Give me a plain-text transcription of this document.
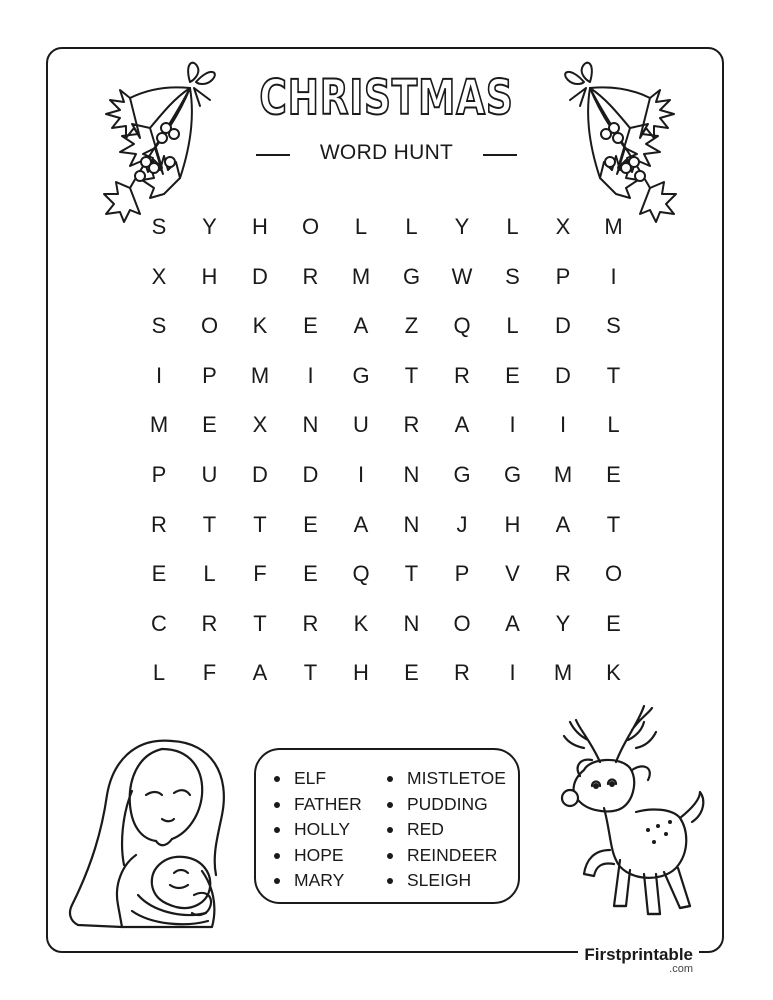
CHRISTMAS
WORD HUNT
S	Y	H	O	L	L	Y	L	X	M
X	H	D	R	M	G	W	S	P	I
S	O	K	E	A	Z	Q	L	D	S
I	P	M	I	G	T	R	E	D	T
M	E	X	N	U	R	A	I	I	L
P	U	D	D	I	N	G	G	M	E
R	T	T	E	A	N	J	H	A	T
E	L	F	E	Q	T	P	V	R	O
C	R	T	R	K	N	O	A	Y	E
L	F	A	T	H	E	R	I	M	K
ELF
FATHER
HOLLY
HOPE
MARY
MISTLETOE
PUDDING
RED
REINDEER
SLEIGH
Firstprintable
.com
